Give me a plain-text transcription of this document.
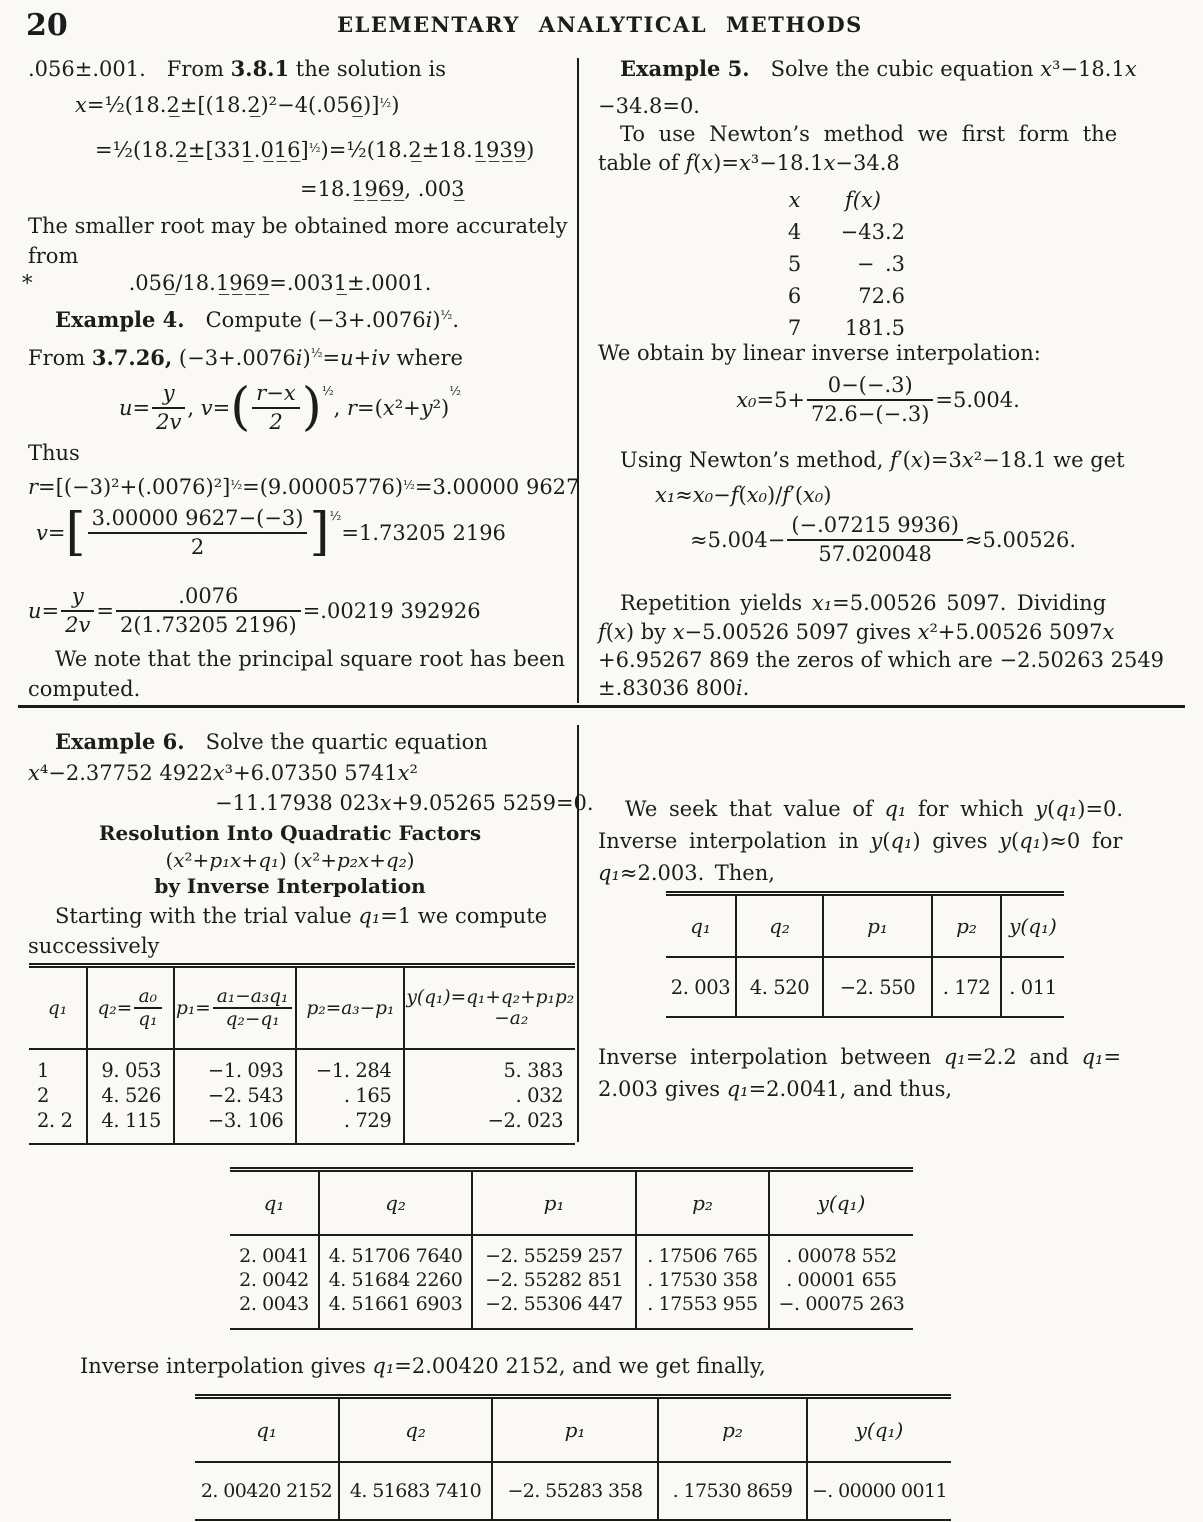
20	ELEMENTARY ANALYTICAL METHODS
.056±.001.  From 3.8.1 the solution is
x =½(18.2̲±[(18.2̲)²−4(.056̲)] ½ )
=½(18.2̲±[331̲.0̲1̲6̲] ½ )=½(18.2̲±18.1̲9̲3̲9̲)
=18.1̲9̲6̲9̲, .003̲
The smaller root may be obtained more accurately
from
*	.056̲/18.1̲9̲6̲9̲=.0031̲±.0001.
Example 4.  Compute $(-3+.0076i)^{\frac{1}{2}}$.
From 3.7.26, $(-3+.0076i)^{\frac{1}{2}}=u+iv$ where
$u = \frac{y}{2v}$ , v = ( $\frac{r-x}{2} )^{\frac{1}{2}}$
, r =( x ²+ y ²)
$^{\frac{1}{2}}$
Thus
r =[(−3)²+(.0076)²] ½ =(9.00005776) ½ =3.00000 9627
v = [ $\frac{3.00000 9627-(-3)}{2} ]^{\frac{1}{2}}$
=1.73205 2196
$u = \frac{y}{2v} = \frac{.0076}{2(1.73205 2196)} =.00219$ 392926
We note that the principal square root has been
computed.
Example 5.  Solve the cubic equation x³−18.1x
−34.8=0.
To use Newton’s method we first form the
table of f(x)=x³−18.1x−34.8
x	f(x)
4	−43.2
5	− .3
6	72.6
7	181.5
We obtain by linear inverse interpolation:
$x_0 =5+ \frac{0-(-.3)}{72.6-(-.3)} =5.004$.
Using Newton’s method, f′(x)=3x²−18.1 we get
x₁ ≈ x₀ − f ( x₀ )/ f ′( x₀ )
$\approx 5.004- \frac{(-.07215 9936)}{57.020048} \approx 5.00526$.
Repetition yields x₁=5.00526 5097. Dividing
f(x) by x−5.00526 5097 gives x²+5.00526 5097x
+6.95267 869 the zeros of which are −2.50263 2549
±.83036 800i.
Example 6.  Solve the quartic equation
x⁴−2.37752 4922x³+6.07350 5741x²
−11.17938 023x+9.05265 5259=0.
Resolution Into Quadratic Factors
( x ²+ p₁x + q₁ ) ( x ²+ p₂x + q₂ )
by Inverse Interpolation
Starting with the trial value q₁=1 we compute
successively
q₁	$q_2 = \frac{\text{a₀}}{\text{q₁}}$	$p_1 = \frac{\text{a₁−a₃q₁}}{\text{q₂−q₁}}$	p₂=a₃−p₁	y(q₁)=q₁+q₂+p₁p₂
−a₂

1	9. 053	−1. 093	−1. 284	5. 383
2	4. 526	−2. 543	. 165	. 032
2. 2	4. 115	−3. 106	. 729	−2. 023
We seek that value of q₁ for which y(q₁)=0.
Inverse interpolation in y(q₁) gives y(q₁)≈0 for
q₁≈2.003. Then,
q₁	q₂	p₁	p₂	y(q₁)
2. 003	4. 520	−2. 550	. 172	. 011
Inverse interpolation between q₁=2.2 and q₁=
2.003 gives q₁=2.0041, and thus,
q₁	q₂	p₁	p₂	y(q₁)
2. 0041	4. 51706 7640	−2. 55259 257	. 17506 765	. 00078 552
2. 0042	4. 51684 2260	−2. 55282 851	. 17530 358	. 00001 655
2. 0043	4. 51661 6903	−2. 55306 447	. 17553 955	−. 00075 263
Inverse interpolation gives q₁=2.00420 2152, and we get finally,
q₁	q₂	p₁	p₂	y(q₁)
2. 00420 2152	4. 51683 7410	−2. 55283 358	. 17530 8659	−. 00000 0011
